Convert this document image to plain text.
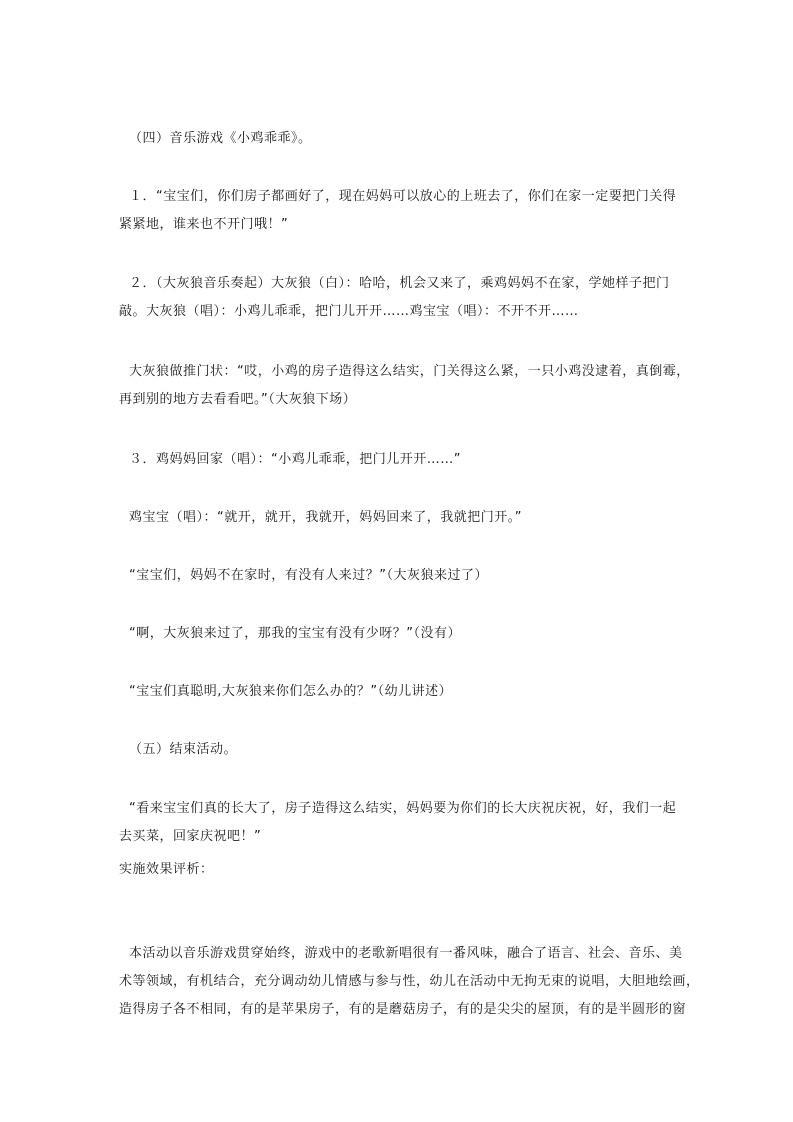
（四）音乐游戏《小鸡乖乖》。

１．“宝宝们，你们房子都画好了，现在妈妈可以放心的上班去了，你们在家一定要把门关得
紧紧地，谁来也不开门哦！”
２．（大灰狼音乐奏起）大灰狼（白）：哈哈，机会又来了，乘鸡妈妈不在家，学她样子把门
敲。大灰狼（唱）：小鸡儿乖乖，把门儿开开……鸡宝宝（唱）：不开不开……
大灰狼做推门状：“哎，小鸡的房子造得这么结实，门关得这么紧，一只小鸡没逮着，真倒霉，
再到别的地方去看看吧。”（大灰狼下场）

３．鸡妈妈回家（唱）：“小鸡儿乖乖，把门儿开开……”

鸡宝宝（唱）：“就开，就开，我就开，妈妈回来了，我就把门开。”

“宝宝们，妈妈不在家时，有没有人来过？”（大灰狼来过了）

“啊，大灰狼来过了，那我的宝宝有没有少呀？”（没有）

“宝宝们真聪明,大灰狼来你们怎么办的？”（幼儿讲述）

（五）结束活动。

“看来宝宝们真的长大了，房子造得这么结实，妈妈要为你们的长大庆祝庆祝，好，我们一起
去买菜，回家庆祝吧！”

实施效果评析：

本活动以音乐游戏贯穿始终，游戏中的老歌新唱很有一番风味，融合了语言、社会、音乐、美
术等领域，有机结合，充分调动幼儿情感与参与性，幼儿在活动中无拘无束的说唱，大胆地绘画，
造得房子各不相同，有的是苹果房子，有的是蘑菇房子，有的是尖尖的屋顶，有的是半圆形的窗
